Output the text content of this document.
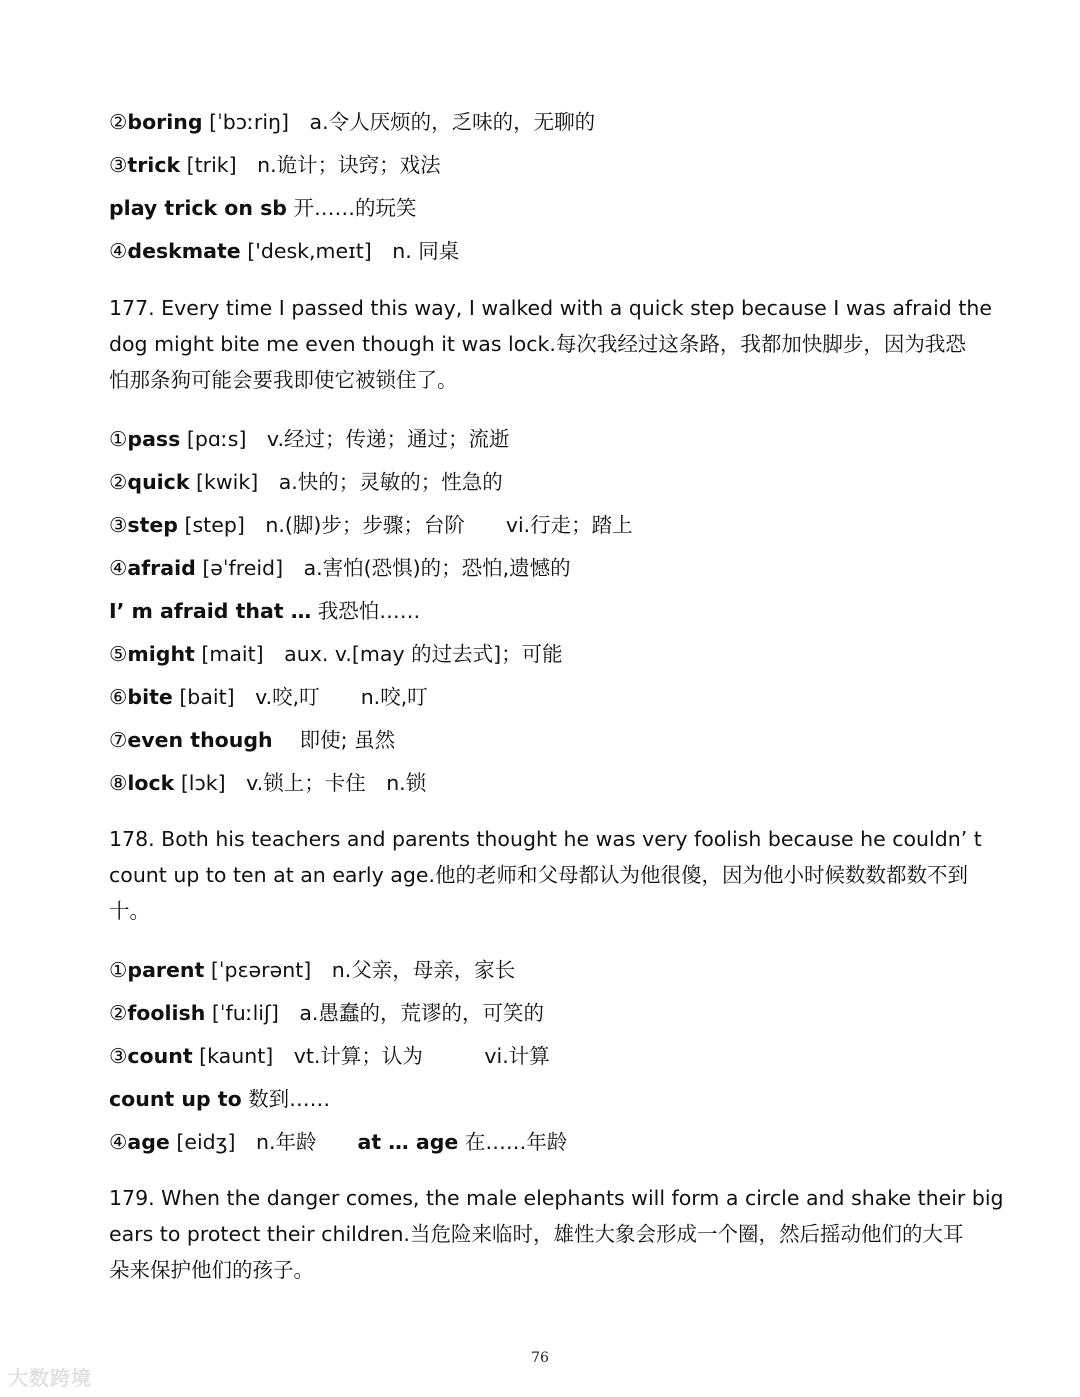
②boring [ˈbɔːriŋ]　a.令人厌烦的，乏味的，无聊的
③trick [trik]　n.诡计；诀窍；戏法
play trick on sb 开……的玩笑
④deskmate ['desk,meɪt]　n. 同桌
177. Every time I passed this way, I walked with a quick step because I was afraid the
dog might bite me even though it was lock.每次我经过这条路，我都加快脚步，因为我恐
怕那条狗可能会要我即使它被锁住了。
①pass [pɑːs]　v.经过；传递；通过；流逝
②quick [kwik]　a.快的；灵敏的；性急的
③step [step]　n.(脚)步；步骤；台阶　　vi.行走；踏上
④afraid [əˈfreid]　a.害怕(恐惧)的；恐怕,遗憾的
I’ m afraid that … 我恐怕……
⑤might [mait]　aux. v.[may 的过去式]；可能
⑥bite [bait]　v.咬,叮　　n.咬,叮
⑦even though　 即使; 虽然
⑧lock [lɔk]　v.锁上；卡住　n.锁
178. Both his teachers and parents thought he was very foolish because he couldn’ t
count up to ten at an early age.他的老师和父母都认为他很傻，因为他小时候数数都数不到
十。
①parent [ˈpɛərənt]　n.父亲，母亲，家长
②foolish [ˈfuːliʃ]　a.愚蠢的，荒谬的，可笑的
③count [kaunt]　vt.计算；认为　　　vi.计算
count up to 数到……
④age [eidʒ]　n.年龄　　at … age 在……年龄
179. When the danger comes, the male elephants will form a circle and shake their big
ears to protect their children.当危险来临时，雄性大象会形成一个圈，然后摇动他们的大耳
朵来保护他们的孩子。
76
大数跨境
